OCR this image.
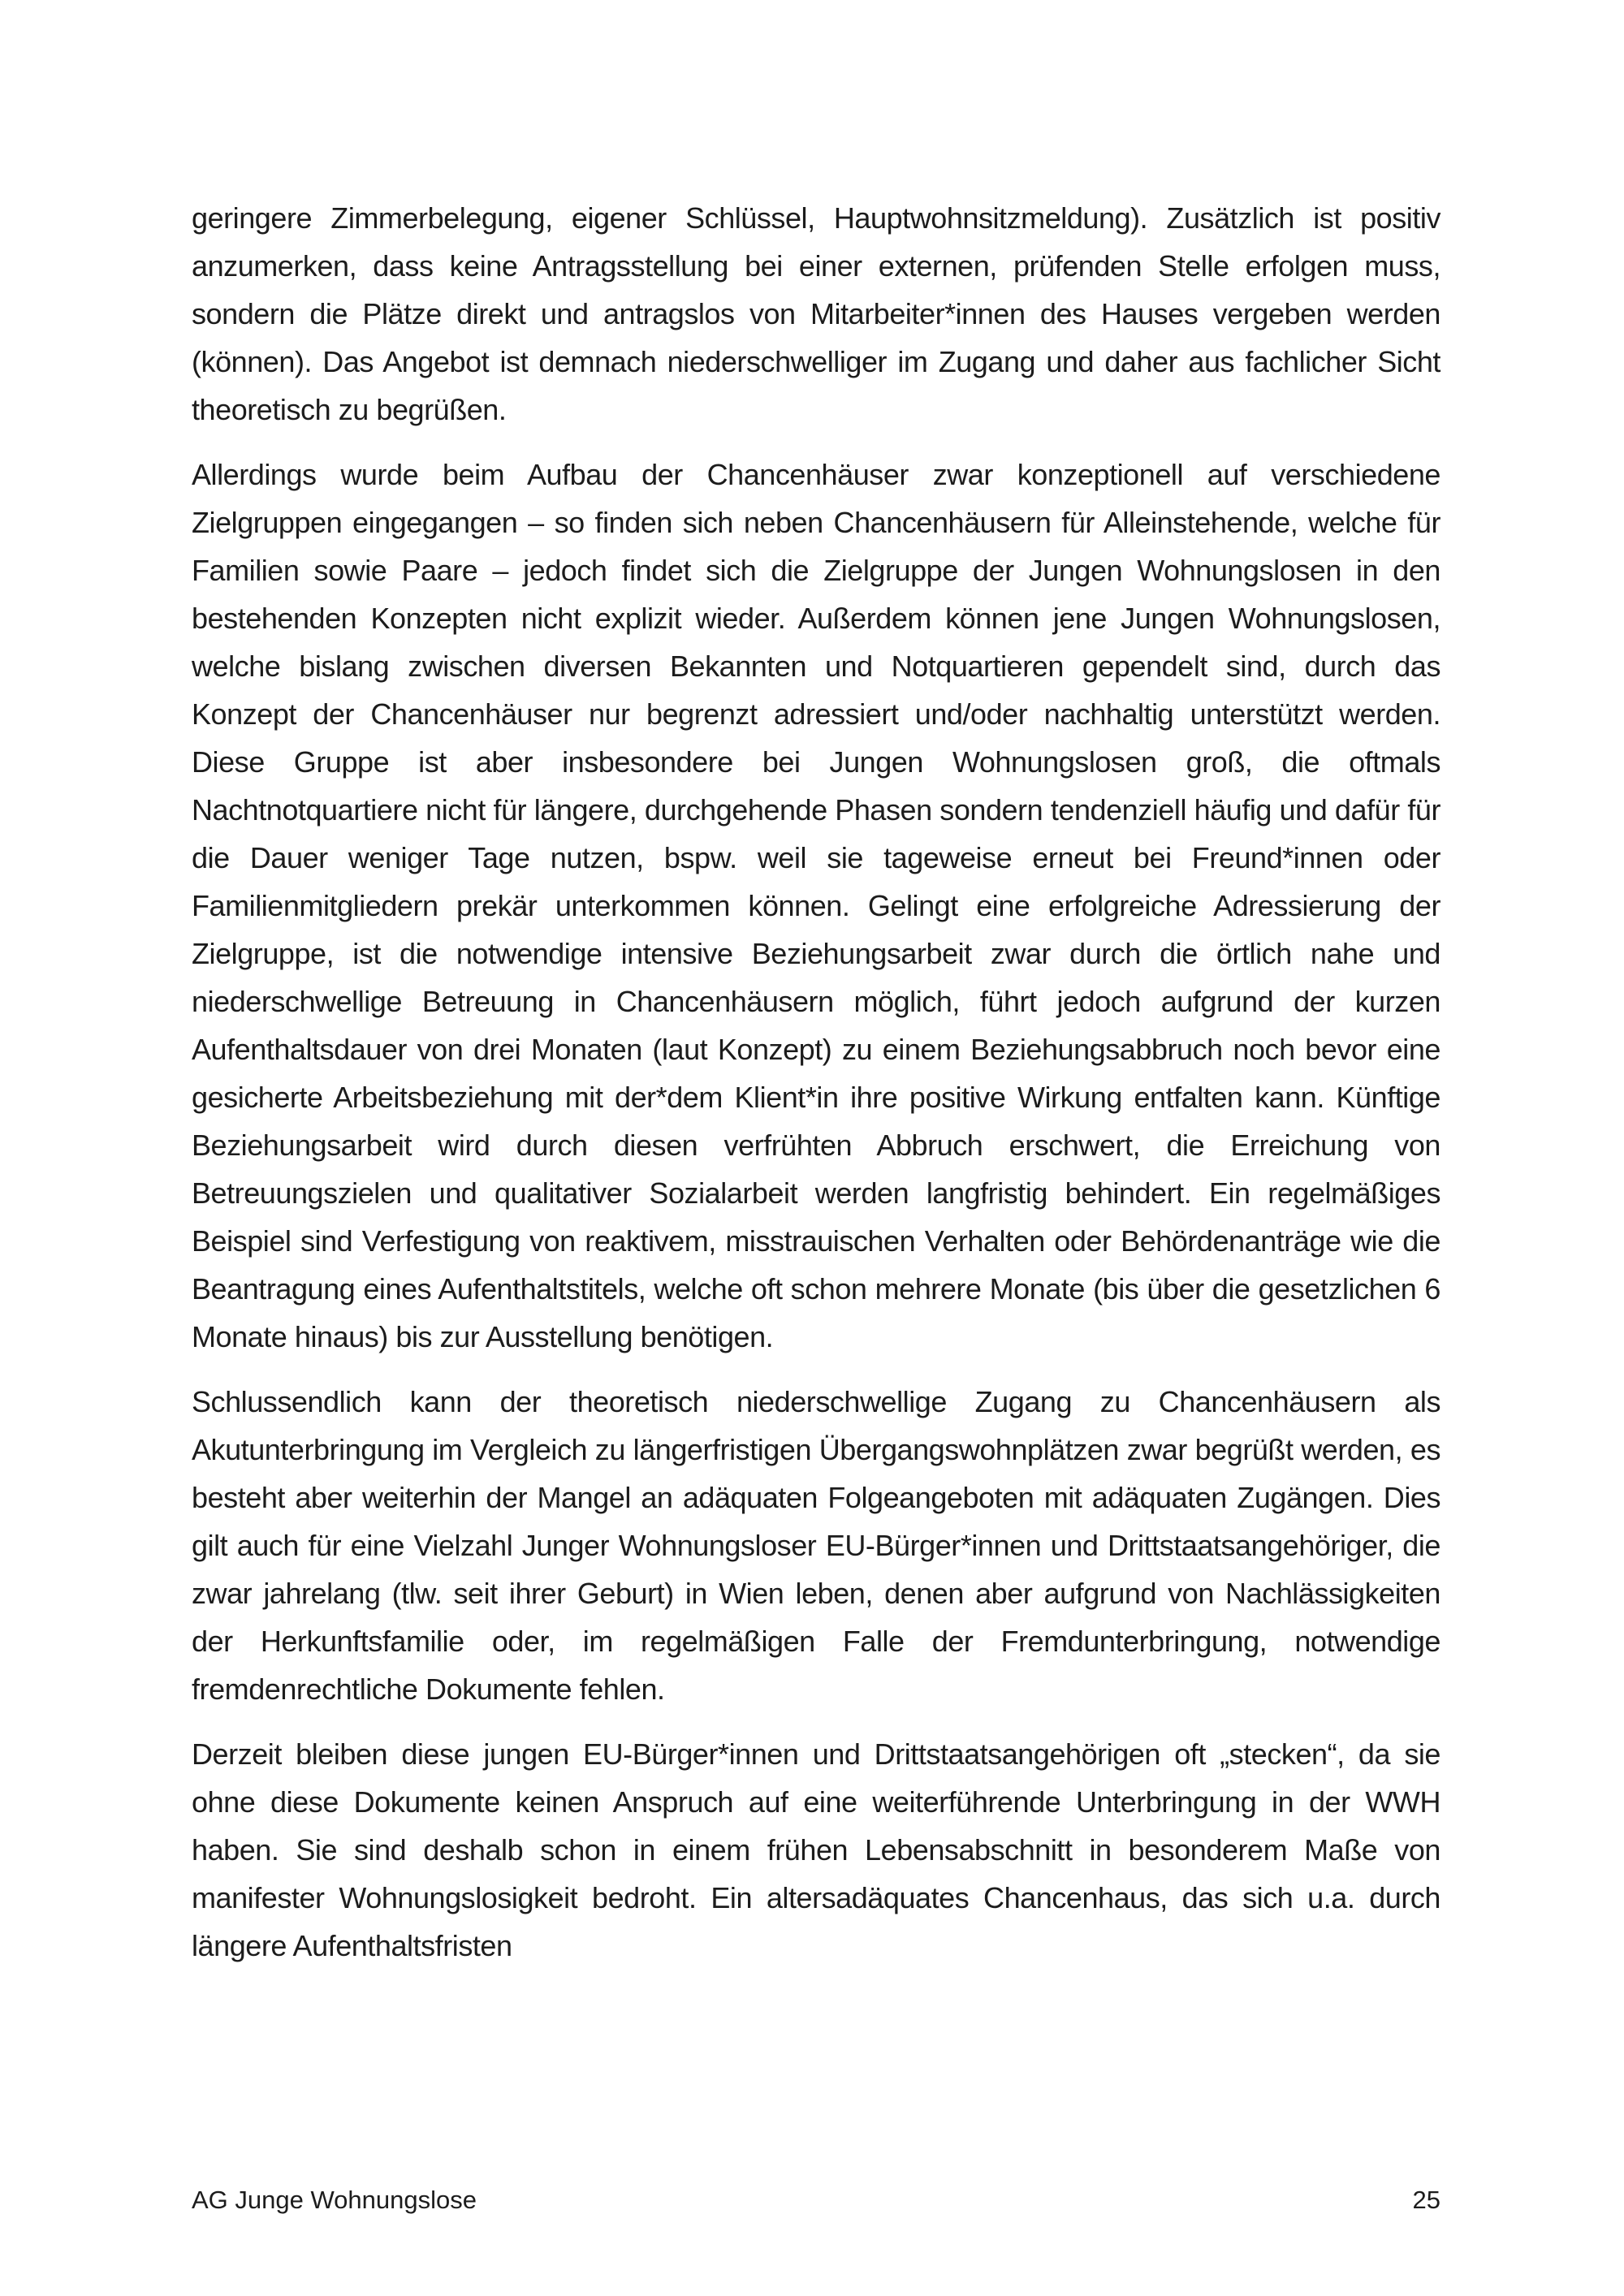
geringere Zimmerbelegung, eigener Schlüssel, Hauptwohnsitzmeldung). Zusätzlich ist positiv anzumerken, dass keine Antragsstellung bei einer externen, prüfenden Stelle erfolgen muss, sondern die Plätze direkt und antragslos von Mitarbeiter*innen des Hauses vergeben werden (können). Das Angebot ist demnach niederschwelliger im Zugang und daher aus fachlicher Sicht theoretisch zu begrüßen.

Allerdings wurde beim Aufbau der Chancenhäuser zwar konzeptionell auf verschiedene Zielgruppen eingegangen – so finden sich neben Chancenhäusern für Alleinstehende, welche für Familien sowie Paare – jedoch findet sich die Zielgruppe der Jungen Wohnungslosen in den bestehenden Konzepten nicht explizit wieder. Außerdem können jene Jungen Wohnungslosen, welche bislang zwischen diversen Bekannten und Notquartieren gependelt sind, durch das Konzept der Chancenhäuser nur begrenzt adressiert und/oder nachhaltig unterstützt werden. Diese Gruppe ist aber insbesondere bei Jungen Wohnungslosen groß, die oftmals Nachtnotquartiere nicht für längere, durchgehende Phasen sondern tendenziell häufig und dafür für die Dauer weniger Tage nutzen, bspw. weil sie tageweise erneut bei Freund*innen oder Familienmitgliedern prekär unterkommen können. Gelingt eine erfolgreiche Adressierung der Zielgruppe, ist die notwendige intensive Beziehungsarbeit zwar durch die örtlich nahe und niederschwellige Betreuung in Chancenhäusern möglich, führt jedoch aufgrund der kurzen Aufenthaltsdauer von drei Monaten (laut Konzept) zu einem Beziehungsabbruch noch bevor eine gesicherte Arbeitsbeziehung mit der*dem Klient*in ihre positive Wirkung entfalten kann. Künftige Beziehungsarbeit wird durch diesen verfrühten Abbruch erschwert, die Erreichung von Betreuungszielen und qualitativer Sozialarbeit werden langfristig behindert. Ein regelmäßiges Beispiel sind Verfestigung von reaktivem, misstrauischen Verhalten oder Behördenanträge wie die Beantragung eines Aufenthaltstitels, welche oft schon mehrere Monate (bis über die gesetzlichen 6 Monate hinaus) bis zur Ausstellung benötigen.

Schlussendlich kann der theoretisch niederschwellige Zugang zu Chancenhäusern als Akutunterbringung im Vergleich zu längerfristigen Übergangswohnplätzen zwar begrüßt werden, es besteht aber weiterhin der Mangel an adäquaten Folgeangeboten mit adäquaten Zugängen. Dies gilt auch für eine Vielzahl Junger Wohnungsloser EU-Bürger*innen und Drittstaatsangehöriger, die zwar jahrelang (tlw. seit ihrer Geburt) in Wien leben, denen aber aufgrund von Nachlässigkeiten der Herkunftsfamilie oder, im regelmäßigen Falle der Fremdunterbringung, notwendige fremdenrechtliche Dokumente fehlen.

Derzeit bleiben diese jungen EU-Bürger*innen und Drittstaatsangehörigen oft „stecken“, da sie ohne diese Dokumente keinen Anspruch auf eine weiterführende Unterbringung in der WWH haben. Sie sind deshalb schon in einem frühen Lebensabschnitt in besonderem Maße von manifester Wohnungslosigkeit bedroht. Ein altersadäquates Chancenhaus, das sich u.a. durch längere Aufenthaltsfristen

AG Junge Wohnungslose	25
